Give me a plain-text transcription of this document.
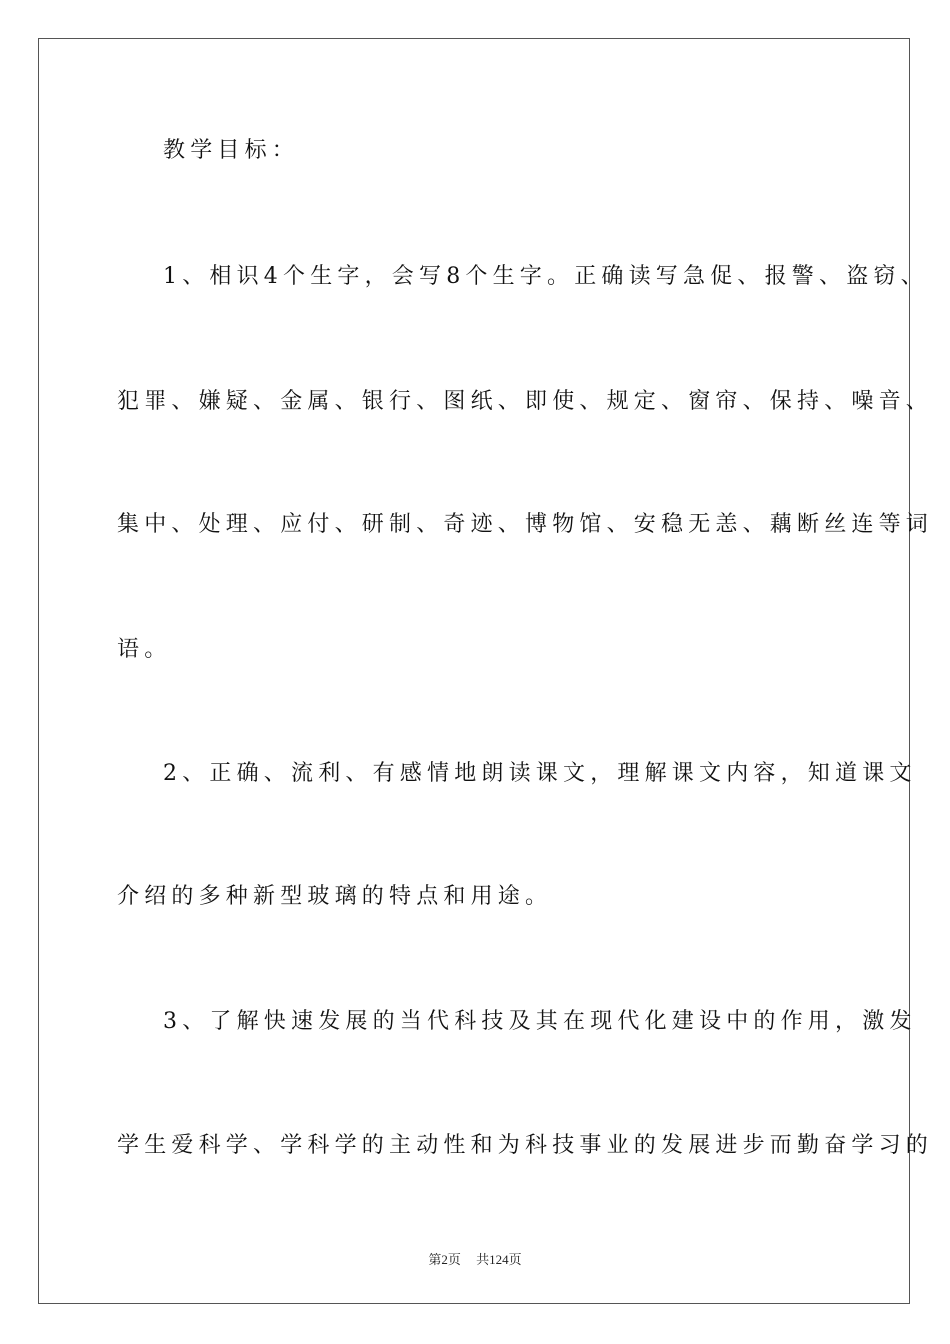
教学目标：
1、相识4个生字，会写8个生字。正确读写急促、报警、盗窃、
犯罪、嫌疑、金属、银行、图纸、即使、规定、窗帘、保持、噪音、
集中、处理、应付、研制、奇迹、博物馆、安稳无恙、藕断丝连等词
语。
2、正确、流利、有感情地朗读课文，理解课文内容，知道课文
介绍的多种新型玻璃的特点和用途。
3、了解快速发展的当代科技及其在现代化建设中的作用，激发
学生爱科学、学科学的主动性和为科技事业的发展进步而勤奋学习的
第2页 共124页
